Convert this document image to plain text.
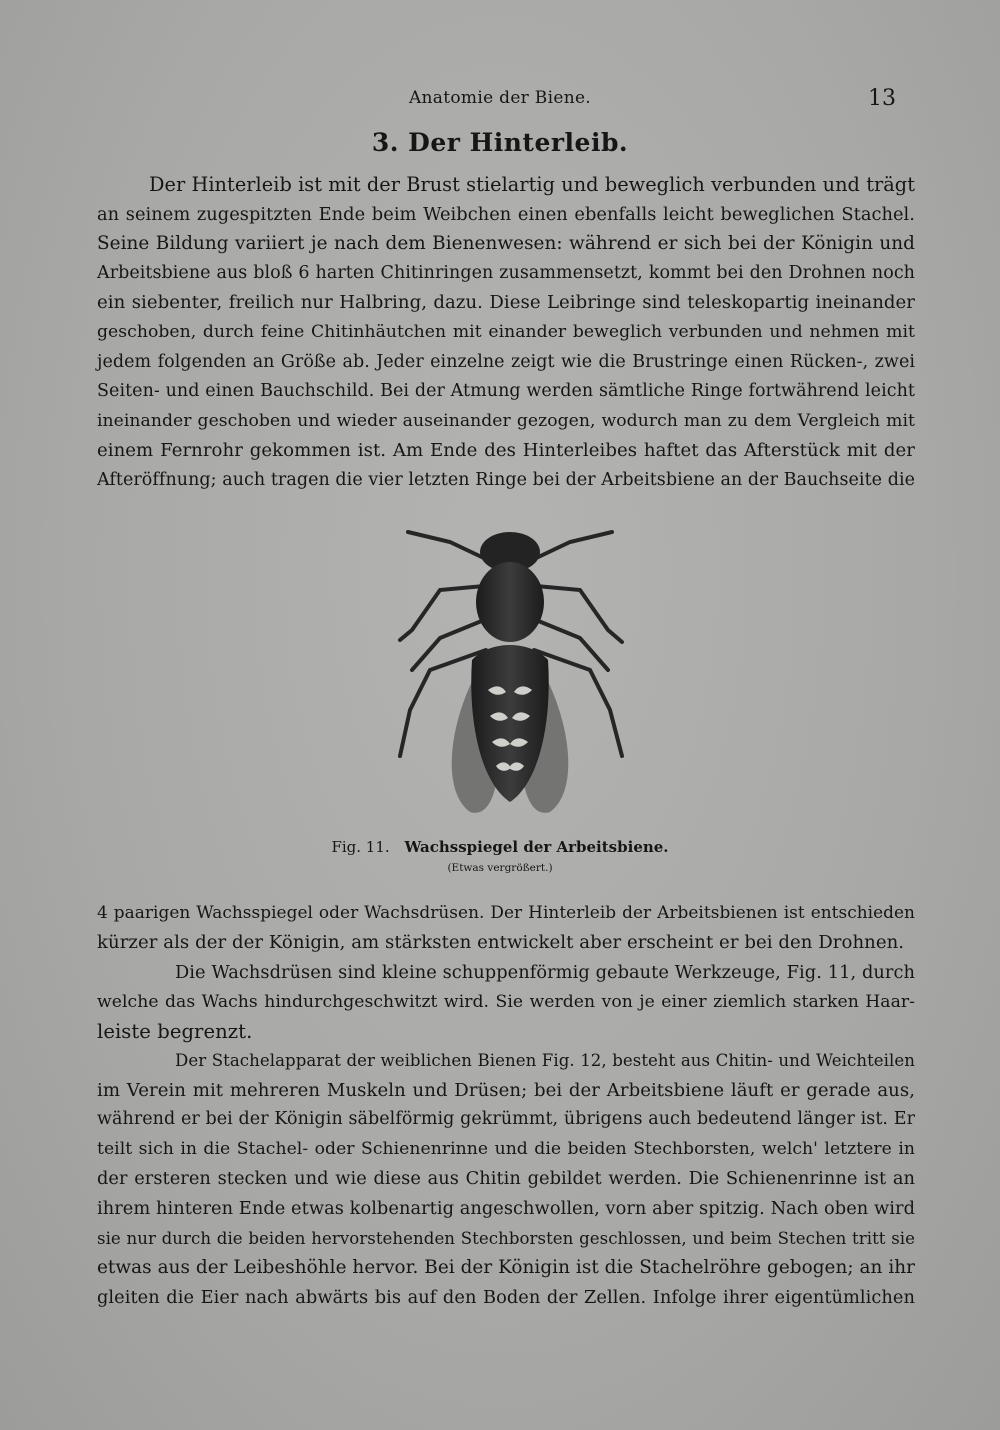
Anatomie der Biene.	13
3. Der Hinterleib.

Der Hinterleib ist mit der Brust stielartig und beweglich verbunden und trägt
an seinem zugespitzten Ende beim Weibchen einen ebenfalls leicht beweglichen Stachel.
Seine Bildung variiert je nach dem Bienenwesen: während er sich bei der Königin und
Arbeitsbiene aus bloß 6 harten Chitinringen zusammensetzt, kommt bei den Drohnen noch
ein siebenter, freilich nur Halbring, dazu. Diese Leibringe sind teleskopartig ineinander
geschoben, durch feine Chitinhäutchen mit einander beweglich verbunden und nehmen mit
jedem folgenden an Größe ab. Jeder einzelne zeigt wie die Brustringe einen Rücken-, zwei
Seiten- und einen Bauchschild. Bei der Atmung werden sämtliche Ringe fortwährend leicht
ineinander geschoben und wieder auseinander gezogen, wodurch man zu dem Vergleich mit
einem Fernrohr gekommen ist. Am Ende des Hinterleibes haftet das Afterstück mit der
Afteröffnung; auch tragen die vier letzten Ringe bei der Arbeitsbiene an der Bauchseite die

Fig. 11. Wachsspiegel der Arbeitsbiene.
(Etwas vergrößert.)

4 paarigen Wachsspiegel oder Wachsdrüsen. Der Hinterleib der Arbeitsbienen ist entschieden
kürzer als der der Königin, am stärksten entwickelt aber erscheint er bei den Drohnen.

Die Wachsdrüsen sind kleine schuppenförmig gebaute Werkzeuge, Fig. 11, durch
welche das Wachs hindurchgeschwitzt wird. Sie werden von je einer ziemlich starken Haar-
leiste begrenzt.

Der Stachelapparat der weiblichen Bienen Fig. 12, besteht aus Chitin- und Weichteilen
im Verein mit mehreren Muskeln und Drüsen; bei der Arbeitsbiene läuft er gerade aus,
während er bei der Königin säbelförmig gekrümmt, übrigens auch bedeutend länger ist. Er
teilt sich in die Stachel- oder Schienenrinne und die beiden Stechborsten, welch' letztere in
der ersteren stecken und wie diese aus Chitin gebildet werden. Die Schienenrinne ist an
ihrem hinteren Ende etwas kolbenartig angeschwollen, vorn aber spitzig. Nach oben wird
sie nur durch die beiden hervorstehenden Stechborsten geschlossen, und beim Stechen tritt sie
etwas aus der Leibeshöhle hervor. Bei der Königin ist die Stachelröhre gebogen; an ihr
gleiten die Eier nach abwärts bis auf den Boden der Zellen. Infolge ihrer eigentümlichen
